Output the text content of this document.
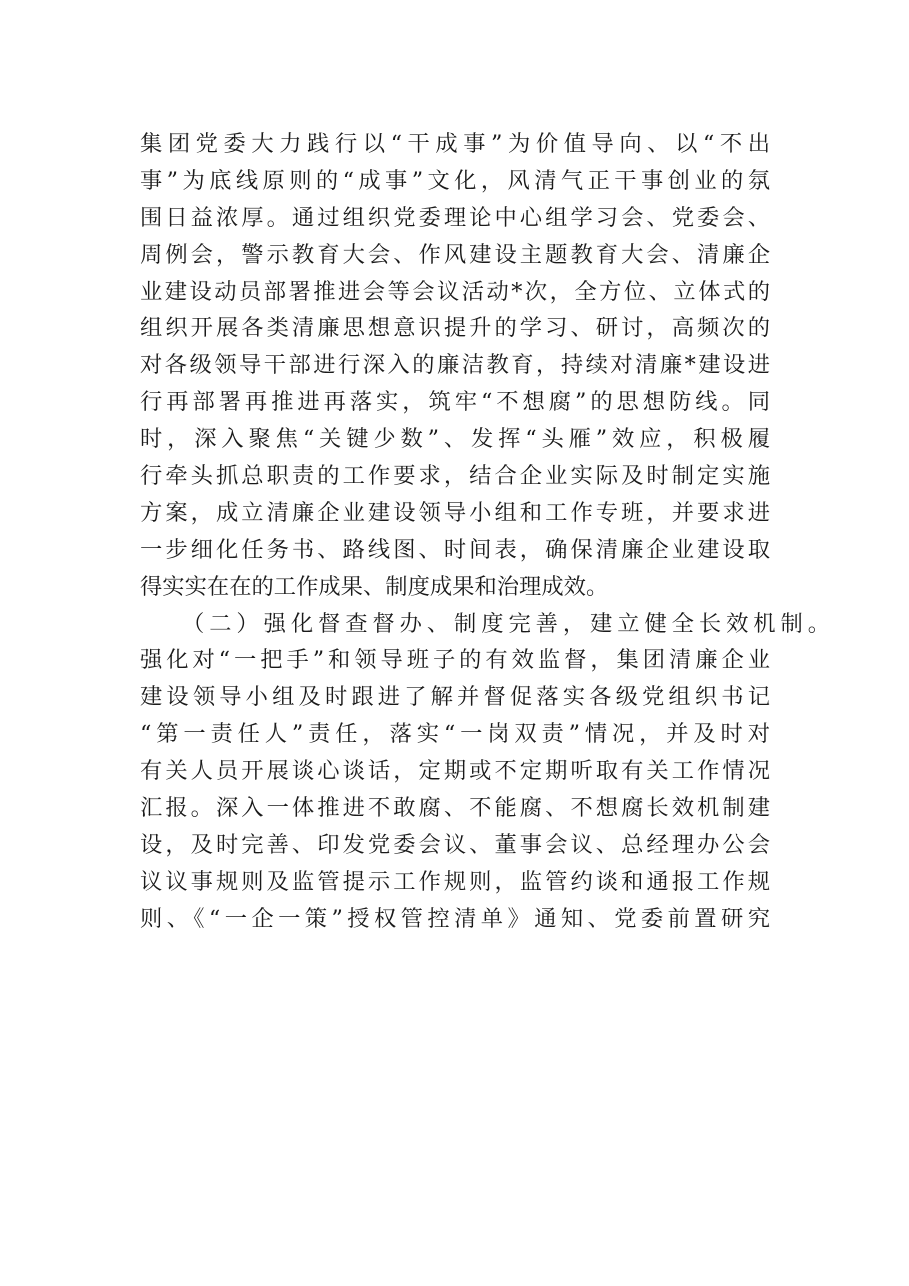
集团党委大力践行以“干成事”为价值导向、以“不出
事”为底线原则的“成事”文化，风清气正干事创业的氛
围日益浓厚。通过组织党委理论中心组学习会、党委会、
周例会，警示教育大会、作风建设主题教育大会、清廉企
业建设动员部署推进会等会议活动*次，全方位、立体式的
组织开展各类清廉思想意识提升的学习、研讨，高频次的
对各级领导干部进行深入的廉洁教育，持续对清廉*建设进
行再部署再推进再落实，筑牢“不想腐”的思想防线。同
时，深入聚焦“关键少数”、发挥“头雁”效应，积极履
行牵头抓总职责的工作要求，结合企业实际及时制定实施
方案，成立清廉企业建设领导小组和工作专班，并要求进
一步细化任务书、路线图、时间表，确保清廉企业建设取
得实实在在的工作成果、制度成果和治理成效。
（二）强化督查督办、制度完善，建立健全长效机制。
强化对“一把手”和领导班子的有效监督，集团清廉企业
建设领导小组及时跟进了解并督促落实各级党组织书记
“第一责任人”责任，落实“一岗双责”情况，并及时对
有关人员开展谈心谈话，定期或不定期听取有关工作情况
汇报。深入一体推进不敢腐、不能腐、不想腐长效机制建
设，及时完善、印发党委会议、董事会议、总经理办公会
议议事规则及监管提示工作规则，监管约谈和通报工作规
则、《“一企一策”授权管控清单》通知、党委前置研究
